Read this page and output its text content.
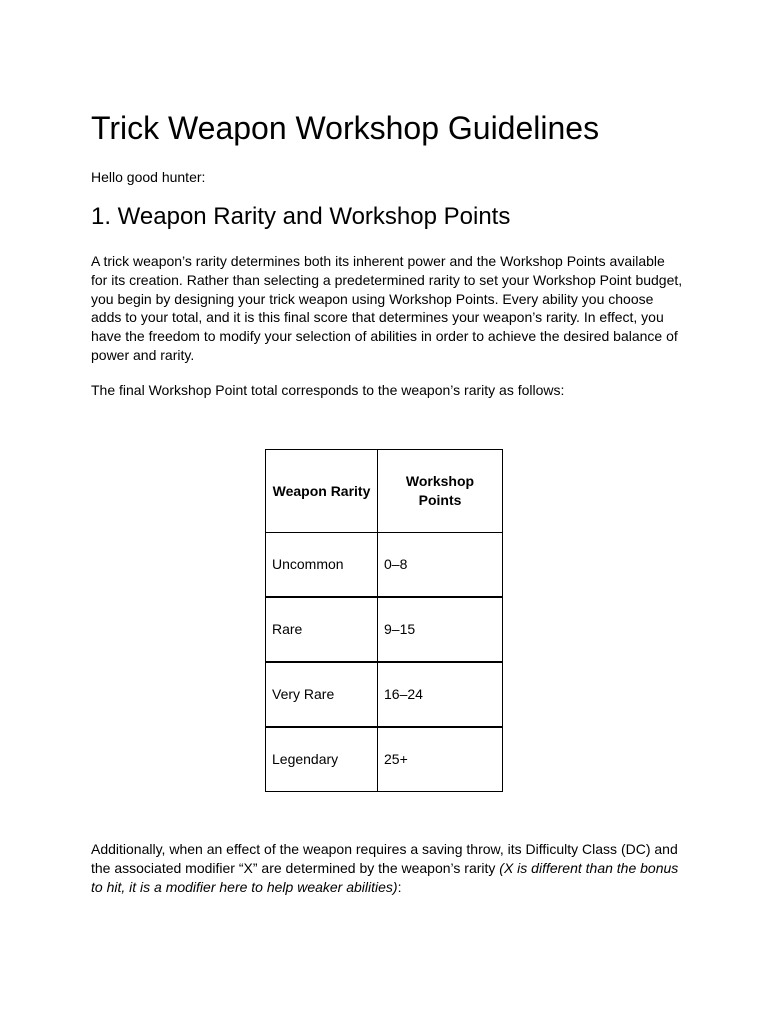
Trick Weapon Workshop Guidelines

Hello good hunter:

1. Weapon Rarity and Workshop Points

A trick weapon’s rarity determines both its inherent power and the Workshop Points available for its creation. Rather than selecting a predetermined rarity to set your Workshop Point budget, you begin by designing your trick weapon using Workshop Points. Every ability you choose adds to your total, and it is this final score that determines your weapon’s rarity. In effect, you have the freedom to modify your selection of abilities in order to achieve the desired balance of power and rarity.

The final Workshop Point total corresponds to the weapon’s rarity as follows:

Additionally, when an effect of the weapon requires a saving throw, its Difficulty Class (DC) and the associated modifier “X” are determined by the weapon’s rarity (X is different than the bonus to hit, it is a modifier here to help weaker abilities):

Weapon Rarity	Workshop Points
Uncommon	0–8
Rare	9–15
Very Rare	16–24
Legendary	25+
